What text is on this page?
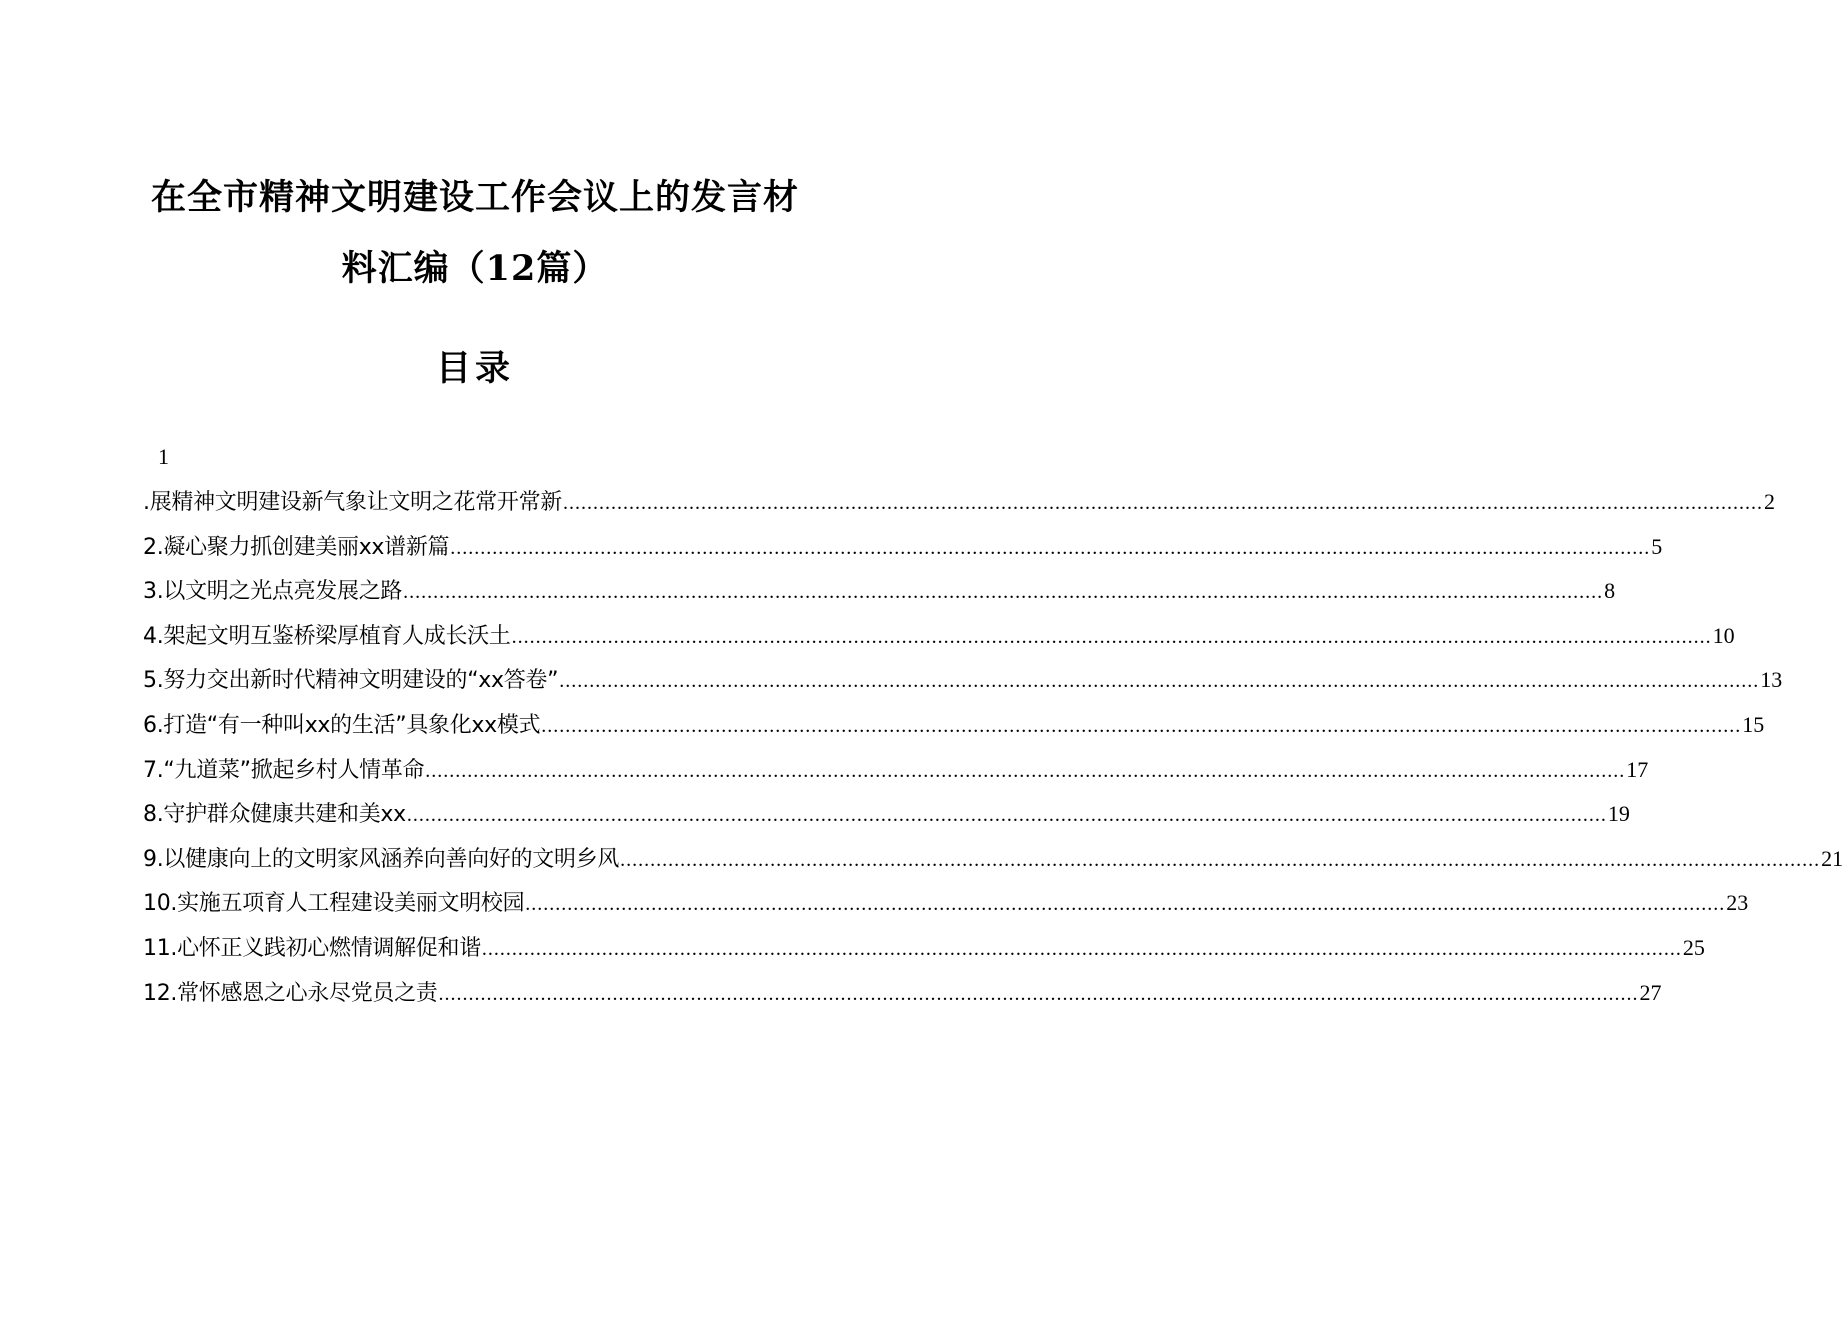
在全市精神文明建设工作会议上的发言材
料汇编（12篇）
目录
1
.展精神文明建设新气象让文明之花常开常新 ........................................................................................................................................................................................................ 2
2.凝心聚力抓创建美丽xx谱新篇 ........................................................................................................................................................................................................ 5
3.以文明之光点亮发展之路 ........................................................................................................................................................................................................ 8
4.架起文明互鉴桥梁厚植育人成长沃土 ........................................................................................................................................................................................................ 10
5.努力交出新时代精神文明建设的“xx答卷” ........................................................................................................................................................................................................ 13
6.打造“有一种叫xx的生活”具象化xx模式 ........................................................................................................................................................................................................ 15
7.“九道菜”掀起乡村人情革命 ........................................................................................................................................................................................................ 17
8.守护群众健康共建和美xx ........................................................................................................................................................................................................ 19
9.以健康向上的文明家风涵养向善向好的文明乡风 ........................................................................................................................................................................................................ 21
10.实施五项育人工程建设美丽文明校园 ........................................................................................................................................................................................................ 23
11.心怀正义践初心燃情调解促和谐 ........................................................................................................................................................................................................ 25
12.常怀感恩之心永尽党员之责 ........................................................................................................................................................................................................ 27
